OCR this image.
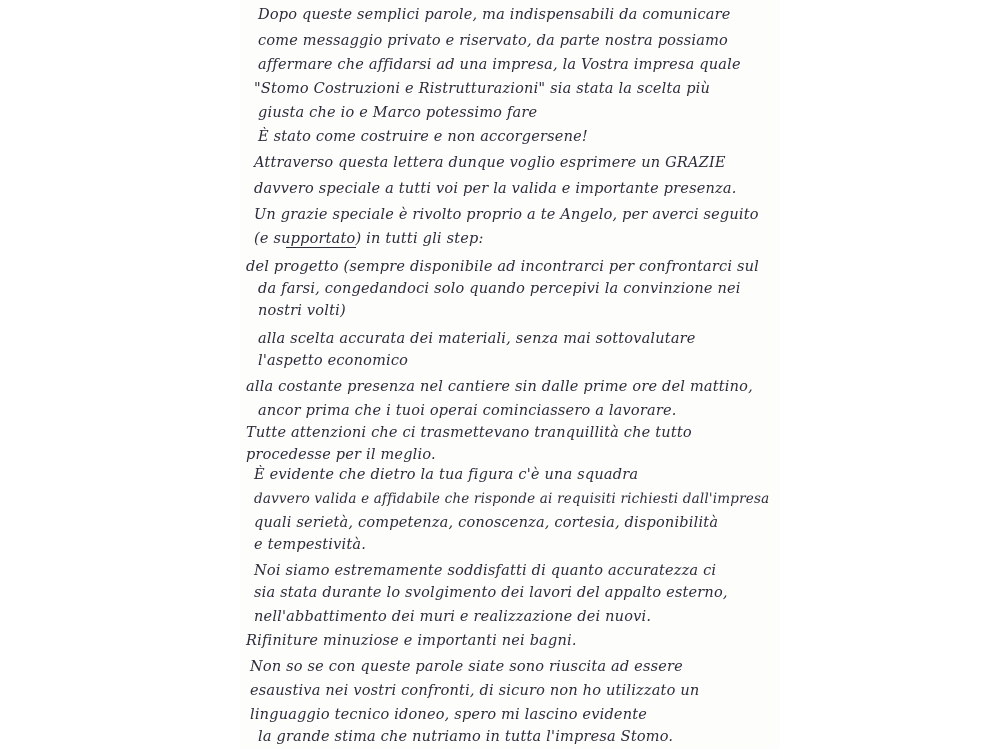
Dopo queste semplici parole, ma indispensabili da comunicare
come messaggio privato e riservato, da parte nostra possiamo
affermare che affidarsi ad una impresa, la Vostra impresa quale
"Stomo Costruzioni e Ristrutturazioni" sia stata la scelta più
giusta che io e Marco potessimo fare
È stato come costruire e non accorgersene!
Attraverso questa lettera dunque voglio esprimere un GRAZIE
davvero speciale a tutti voi per la valida e importante presenza.
Un grazie speciale è rivolto proprio a te Angelo, per averci seguito
(e supportato) in tutti gli step:
del progetto (sempre disponibile ad incontrarci per confrontarci sul
da farsi, congedandoci solo quando percepivi la convinzione nei
nostri volti)
alla scelta accurata dei materiali, senza mai sottovalutare
l'aspetto economico
alla costante presenza nel cantiere sin dalle prime ore del mattino,
ancor prima che i tuoi operai cominciassero a lavorare.
Tutte attenzioni che ci trasmettevano tranquillità che tutto
procedesse per il meglio.
È evidente che dietro la tua figura c'è una squadra
davvero valida e affidabile che risponde ai requisiti richiesti dall'impresa
quali serietà, competenza, conoscenza, cortesia, disponibilità
e tempestività.
Noi siamo estremamente soddisfatti di quanto accuratezza ci
sia stata durante lo svolgimento dei lavori del appalto esterno,
nell'abbattimento dei muri e realizzazione dei nuovi.
Rifiniture minuziose e importanti nei bagni.
Non so se con queste parole siate sono riuscita ad essere
esaustiva nei vostri confronti, di sicuro non ho utilizzato un
linguaggio tecnico idoneo, spero mi lascino evidente
la grande stima che nutriamo in tutta l'impresa Stomo.
